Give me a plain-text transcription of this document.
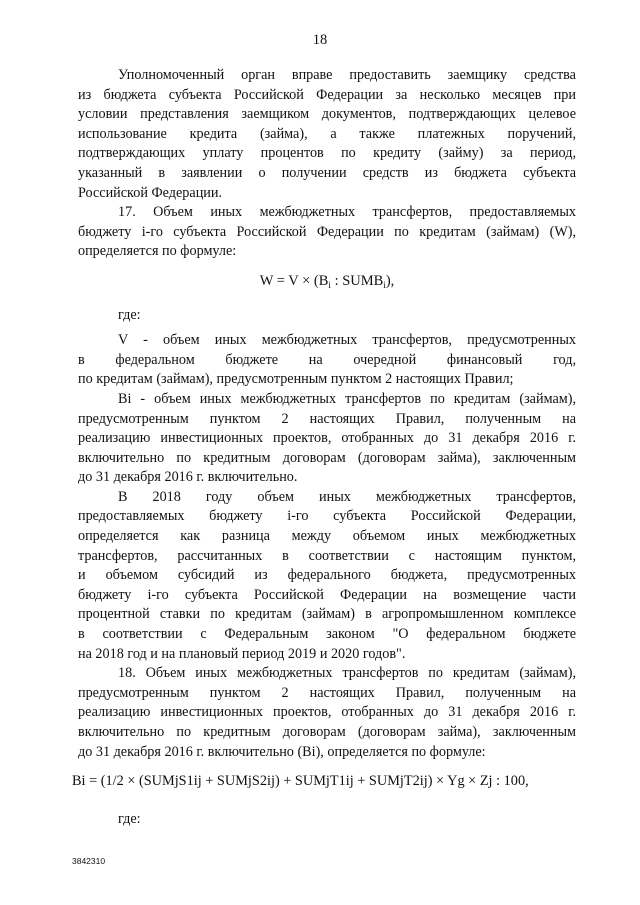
18

Уполномоченный орган вправе предоставить заемщику средства
из бюджета субъекта Российской Федерации за несколько месяцев при
условии представления заемщиком документов, подтверждающих целевое
использование кредита (займа), а также платежных поручений,
подтверждающих уплату процентов по кредиту (займу) за период,
указанный в заявлении о получении средств из бюджета субъекта
Российской Федерации.

17. Объем иных межбюджетных трансфертов, предоставляемых
бюджету i-го субъекта Российской Федерации по кредитам (займам) (W),
определяется по формуле:

$W = V \times (B_i$ : $SUMB_i$),
где:

V - объем иных межбюджетных трансфертов, предусмотренных
в федеральном бюджете на очередной финансовый год,
по кредитам (займам), предусмотренным пунктом 2 настоящих Правил;

Bi - объем иных межбюджетных трансфертов по кредитам (займам),
предусмотренным пунктом 2 настоящих Правил, полученным на
реализацию инвестиционных проектов, отобранных до 31 декабря 2016 г.
включительно по кредитным договорам (договорам займа), заключенным
до 31 декабря 2016 г. включительно.

В 2018 году объем иных межбюджетных трансфертов,
предоставляемых бюджету i-го субъекта Российской Федерации,
определяется как разница между объемом иных межбюджетных
трансфертов, рассчитанных в соответствии с настоящим пунктом,
и объемом субсидий из федерального бюджета, предусмотренных
бюджету i-го субъекта Российской Федерации на возмещение части
процентной ставки по кредитам (займам) в агропромышленном комплексе
в соответствии с Федеральным законом "О федеральном бюджете
на 2018 год и на плановый период 2019 и 2020 годов".

18. Объем иных межбюджетных трансфертов по кредитам (займам),
предусмотренным пунктом 2 настоящих Правил, полученным на
реализацию инвестиционных проектов, отобранных до 31 декабря 2016 г.
включительно по кредитным договорам (договорам займа), заключенным
до 31 декабря 2016 г. включительно (Bi), определяется по формуле:

Bi = (1/2 × (SUMjS1ij + SUMjS2ij) + SUMjT1ij + SUMjT2ij) × Yg × Zj : 100,
где:
3842310
